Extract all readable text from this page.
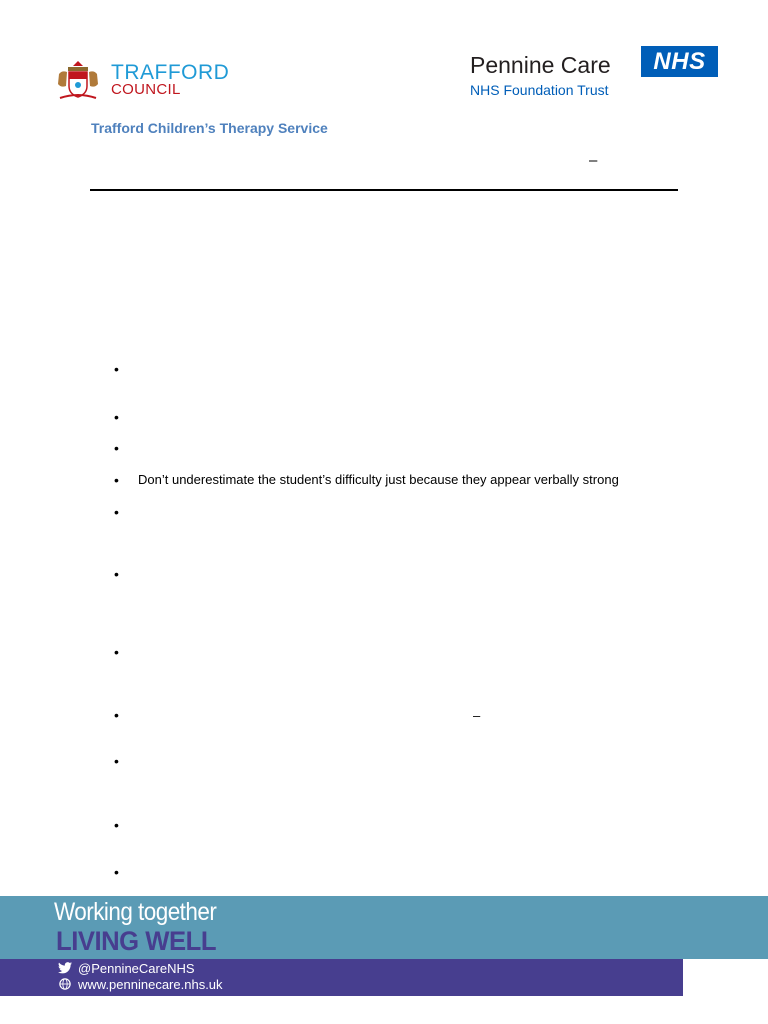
TRAFFORD
COUNCIL
Pennine Care	NHS
NHS Foundation Trust
Trafford Children’s Therapy Service
–
•
•
•
• Don’t underestimate the student’s difficulty just because they appear verbally strong
•
•
•
•	–
•
•
•
Working together
LIVING WELL
@PennineCareNHS
www.penninecare.nhs.uk
